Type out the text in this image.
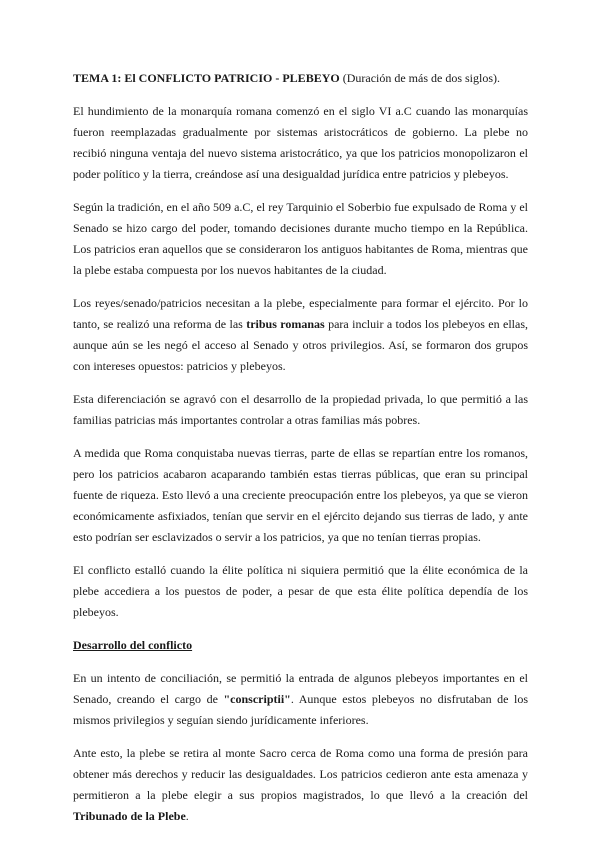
TEMA 1: El CONFLICTO PATRICIO - PLEBEYO (Duración de más de dos siglos).

El hundimiento de la monarquía romana comenzó en el siglo VI a.C cuando las monarquías fueron reemplazadas gradualmente por sistemas aristocráticos de gobierno. La plebe no recibió ninguna ventaja del nuevo sistema aristocrático, ya que los patricios monopolizaron el poder político y la tierra, creándose así una desigualdad jurídica entre patricios y plebeyos.

Según la tradición, en el año 509 a.C, el rey Tarquinio el Soberbio fue expulsado de Roma y el Senado se hizo cargo del poder, tomando decisiones durante mucho tiempo en la República. Los patricios eran aquellos que se consideraron los antiguos habitantes de Roma, mientras que la plebe estaba compuesta por los nuevos habitantes de la ciudad.

Los reyes/senado/patricios necesitan a la plebe, especialmente para formar el ejército. Por lo tanto, se realizó una reforma de las tribus romanas para incluir a todos los plebeyos en ellas, aunque aún se les negó el acceso al Senado y otros privilegios. Así, se formaron dos grupos con intereses opuestos: patricios y plebeyos.

Esta diferenciación se agravó con el desarrollo de la propiedad privada, lo que permitió a las familias patricias más importantes controlar a otras familias más pobres.

A medida que Roma conquistaba nuevas tierras, parte de ellas se repartían entre los romanos, pero los patricios acabaron acaparando también estas tierras públicas, que eran su principal fuente de riqueza. Esto llevó a una creciente preocupación entre los plebeyos, ya que se vieron económicamente asfixiados, tenían que servir en el ejército dejando sus tierras de lado, y ante esto podrían ser esclavizados o servir a los patricios, ya que no tenían tierras propias.

El conflicto estalló cuando la élite política ni siquiera permitió que la élite económica de la plebe accediera a los puestos de poder, a pesar de que esta élite política dependía de los plebeyos.

Desarrollo del conflicto

En un intento de conciliación, se permitió la entrada de algunos plebeyos importantes en el Senado, creando el cargo de "conscriptii". Aunque estos plebeyos no disfrutaban de los mismos privilegios y seguían siendo jurídicamente inferiores.

Ante esto, la plebe se retira al monte Sacro cerca de Roma como una forma de presión para obtener más derechos y reducir las desigualdades. Los patricios cedieron ante esta amenaza y permitieron a la plebe elegir a sus propios magistrados, lo que llevó a la creación del Tribunado de la Plebe.
